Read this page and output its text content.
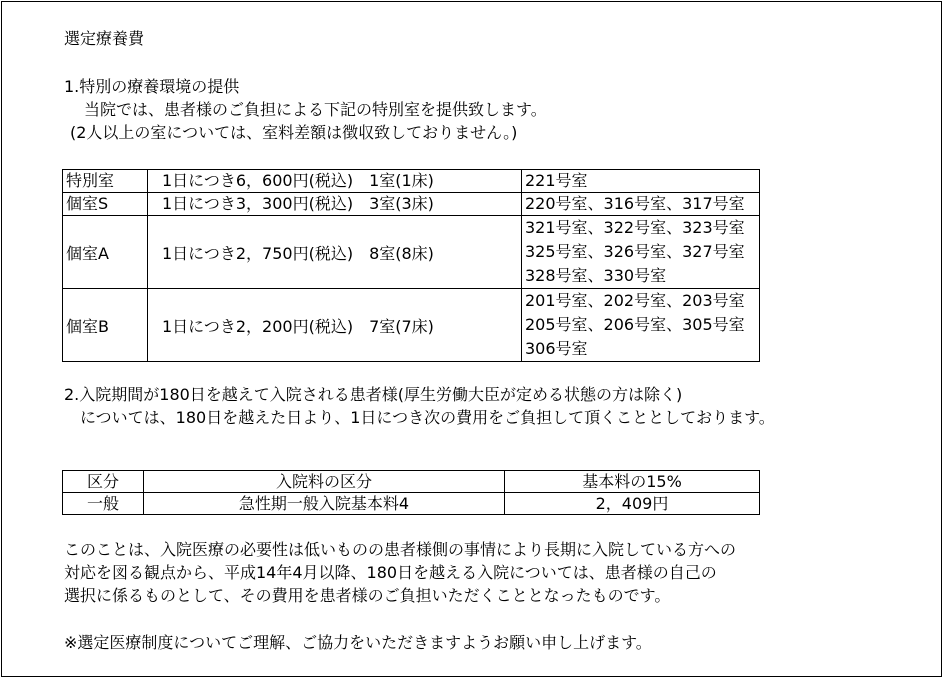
選定療養費
1.特別の療養環境の提供
当院では、患者様のご負担による下記の特別室を提供致します。
(2人以上の室については、室料差額は徴収致しておりません。)
特別室	1日につき6，600円(税込)　1室(1床)	221号室

個室S	1日につき3，300円(税込)　3室(3床)	220号室、316号室、317号室

個室A	1日につき2，750円(税込)　8室(8床)	321号室、322号室、323号室
325号室、326号室、327号室
328号室、330号室

個室B	1日につき2，200円(税込)　7室(7床)	201号室、202号室、203号室
205号室、206号室、305号室
306号室
2.入院期間が180日を越えて入院される患者様(厚生労働大臣が定める状態の方は除く)
については、180日を越えた日より、1日につき次の費用をご負担して頂くこととしております。
区分	入院料の区分	基本料の15%
一般	急性期一般入院基本料4	2，409円
このことは、入院医療の必要性は低いものの患者様側の事情により長期に入院している方への
対応を図る観点から、平成14年4月以降、180日を越える入院については、患者様の自己の
選択に係るものとして、その費用を患者様のご負担いただくこととなったものです。
※選定医療制度についてご理解、ご協力をいただきますようお願い申し上げます。
